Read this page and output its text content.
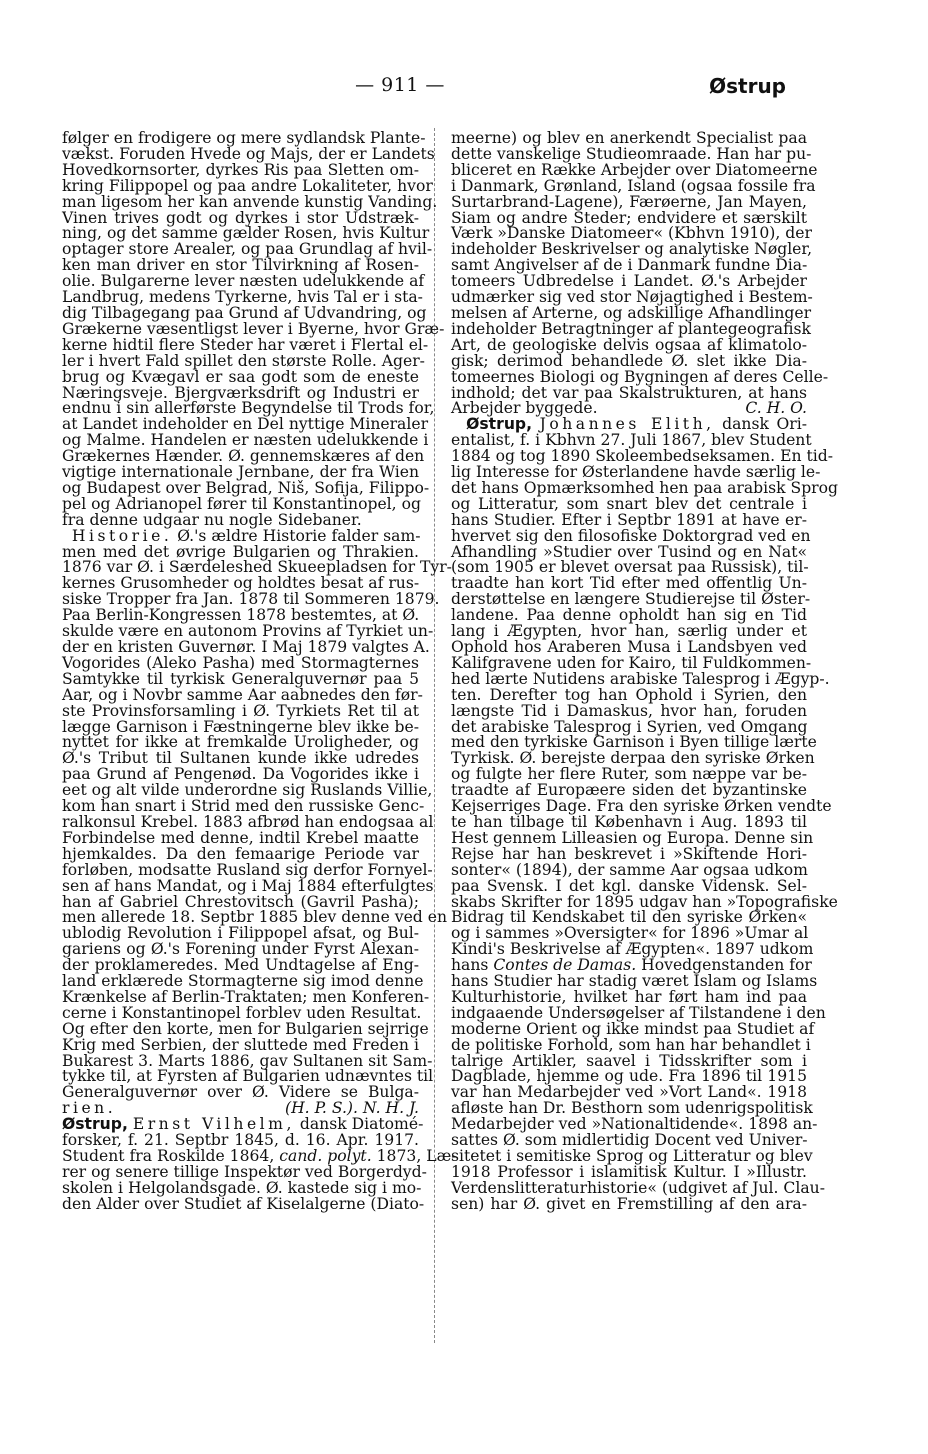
— 911 —	Østrup
følger en frodigere og mere sydlandsk Plante-
vækst. Foruden Hvede og Majs, der er Landets
Hovedkornsorter, dyrkes Ris paa Sletten om-
kring Filippopel og paa andre Lokaliteter, hvor
man ligesom her kan anvende kunstig Vanding.
Vinen trives godt og dyrkes i stor Udstræk-
ning, og det samme gælder Rosen, hvis Kultur
optager store Arealer, og paa Grundlag af hvil-
ken man driver en stor Tilvirkning af Rosen-
olie. Bulgarerne lever næsten udelukkende af
Landbrug, medens Tyrkerne, hvis Tal er i sta-
dig Tilbagegang paa Grund af Udvandring, og
Grækerne væsentligst lever i Byerne, hvor Græ-
kerne hidtil flere Steder har været i Flertal el-
ler i hvert Fald spillet den største Rolle. Ager-
brug og Kvægavl er saa godt som de eneste
Næringsveje. Bjergværksdrift og Industri er
endnu i sin allerførste Begyndelse til Trods for,
at Landet indeholder en Del nyttige Mineraler
og Malme. Handelen er næsten udelukkende i
Grækernes Hænder. Ø. gennemskæres af den
vigtige internationale Jernbane, der fra Wien
og Budapest over Belgrad, Niš, Sofija, Filippo-
pel og Adrianopel fører til Konstantinopel, og
fra denne udgaar nu nogle Sidebaner.
Historie. Ø.'s ældre Historie falder sam-
men med det øvrige Bulgarien og Thrakien.
1876 var Ø. i Særdeleshed Skueepladsen for Tyr-
kernes Grusomheder og holdtes besat af rus-
siske Tropper fra Jan. 1878 til Sommeren 1879.
Paa Berlin-Kongressen 1878 bestemtes, at Ø.
skulde være en autonom Provins af Tyrkiet un-
der en kristen Guvernør. I Maj 1879 valgtes A.
Vogorides (Aleko Pasha) med Stormagternes
Samtykke til tyrkisk Generalguvernør paa 5
Aar, og i Novbr samme Aar aabnedes den før-
ste Provinsforsamling i Ø. Tyrkiets Ret til at
lægge Garnison i Fæstningerne blev ikke be-
nyttet for ikke at fremkalde Uroligheder, og
Ø.'s Tribut til Sultanen kunde ikke udredes
paa Grund af Pengenød. Da Vogorides ikke i
eet og alt vilde underordne sig Ruslands Villie,
kom han snart i Strid med den russiske Genc-
ralkonsul Krebel. 1883 afbrød han endogsaa al
Forbindelse med denne, indtil Krebel maatte
hjemkaldes. Da den femaarige Periode var
forløben, modsatte Rusland sig derfor Fornyel-
sen af hans Mandat, og i Maj 1884 efterfulgtes
han af Gabriel Chrestovitsch (Gavril Pasha);
men allerede 18. Septbr 1885 blev denne ved en
ublodig Revolution i Filippopel afsat, og Bul-
gariens og Ø.'s Forening under Fyrst Alexan-
der proklameredes. Med Undtagelse af Eng-
land erklærede Stormagterne sig imod denne
Krænkelse af Berlin-Traktaten; men Konferen-
cerne i Konstantinopel forblev uden Resultat.
Og efter den korte, men for Bulgarien sejrrige
Krig med Serbien, der sluttede med Freden i
Bukarest 3. Marts 1886, gav Sultanen sit Sam-
tykke til, at Fyrsten af Bulgarien udnævntes til
Generalguvernør over Ø. Videre se Bulga-
rien.	(H. P. S.). N. H. J.
Østrup, Ernst Vilhelm, dansk Diatomé-
forsker, f. 21. Septbr 1845, d. 16. Apr. 1917.
Student fra Roskilde 1864, cand. polyt. 1873, Læ-
rer og senere tillige Inspektør ved Borgerdyd-
skolen i Helgolandsgade. Ø. kastede sig i mo-
den Alder over Studiet af Kiselalgerne (Diato-
meerne) og blev en anerkendt Specialist paa
dette vanskelige Studieomraade. Han har pu-
bliceret en Række Arbejder over Diatomeerne
i Danmark, Grønland, Island (ogsaa fossile fra
Surtarbrand-Lagene), Færøerne, Jan Mayen,
Siam og andre Steder; endvidere et særskilt
Værk »Danske Diatomeer« (Kbhvn 1910), der
indeholder Beskrivelser og analytiske Nøgler,
samt Angivelser af de i Danmark fundne Dia-
tomeers Udbredelse i Landet. Ø.'s Arbejder
udmærker sig ved stor Nøjagtighed i Bestem-
melsen af Arterne, og adskillige Afhandlinger
indeholder Betragtninger af plantegeografisk
Art, de geologiske delvis ogsaa af klimatolo-
gisk; derimod behandlede Ø. slet ikke Dia-
tomeernes Biologi og Bygningen af deres Celle-
indhold; det var paa Skalstrukturen, at hans
Arbejder byggede.	C. H. O.
Østrup, Johannes Elith, dansk Ori-
entalist, f. i Kbhvn 27. Juli 1867, blev Student
1884 og tog 1890 Skoleembedseksamen. En tid-
lig Interesse for Østerlandene havde særlig le-
det hans Opmærksomhed hen paa arabisk Sprog
og Litteratur, som snart blev det centrale i
hans Studier. Efter i Septbr 1891 at have er-
hvervet sig den filosofiske Doktorgrad ved en
Afhandling »Studier over Tusind og en Nat«
(som 1905 er blevet oversat paa Russisk), til-
traadte han kort Tid efter med offentlig Un-
derstøttelse en længere Studierejse til Øster-
landene. Paa denne opholdt han sig en Tid
lang i Ægypten, hvor han, særlig under et
Ophold hos Araberen Musa i Landsbyen ved
Kalifgravene uden for Kairo, til Fuldkommen-
hed lærte Nutidens arabiske Talesprog i Ægyp-.
ten. Derefter tog han Ophold i Syrien, den
længste Tid i Damaskus, hvor han, foruden
det arabiske Talesprog i Syrien, ved Omgang
med den tyrkiske Garnison i Byen tillige lærte
Tyrkisk. Ø. berejste derpaa den syriske Ørken
og fulgte her flere Ruter, som næppe var be-
traadte af Europæere siden det byzantinske
Kejserriges Dage. Fra den syriske Ørken vendte
te han tilbage til København i Aug. 1893 til
Hest gennem Lilleasien og Europa. Denne sin
Rejse har han beskrevet i »Skiftende Hori-
sonter« (1894), der samme Aar ogsaa udkom
paa Svensk. I det kgl. danske Vidensk. Sel-
skabs Skrifter for 1895 udgav han »Topografiske
Bidrag til Kendskabet til den syriske Ørken«
og i sammes »Oversigter« for 1896 »Umar al
Kindi's Beskrivelse af Ægypten«. 1897 udkom
hans Contes de Damas. Hovedgenstanden for
hans Studier har stadig været Islam og Islams
Kulturhistorie, hvilket har ført ham ind paa
indgaaende Undersøgelser af Tilstandene i den
moderne Orient og ikke mindst paa Studiet af
de politiske Forhold, som han har behandlet i
talrige Artikler, saavel i Tidsskrifter som i
Dagblade, hjemme og ude. Fra 1896 til 1915
var han Medarbejder ved »Vort Land«. 1918
afløste han Dr. Besthorn som udenrigspolitisk
Medarbejder ved »Nationaltidende«. 1898 an-
sattes Ø. som midlertidig Docent ved Univer-
sitetet i semitiske Sprog og Litteratur og blev
1918 Professor i islamitisk Kultur. I »Illustr.
Verdenslitteraturhistorie« (udgivet af Jul. Clau-
sen) har Ø. givet en Fremstilling af den ara-
